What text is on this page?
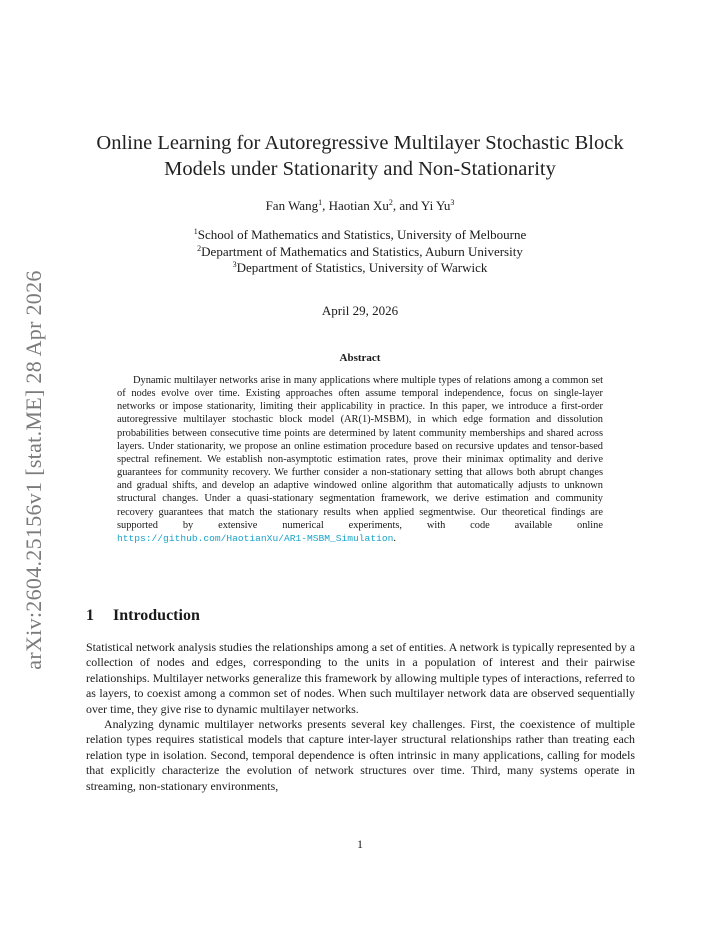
arXiv:2604.25156v1 [stat.ME] 28 Apr 2026
Online Learning for Autoregressive Multilayer Stochastic Block
Models under Stationarity and Non-Stationarity
Fan Wang$^1$, Haotian Xu$^2$, and Yi Yu$^3$
$^1$School of Mathematics and Statistics, University of Melbourne
$^2$Department of Mathematics and Statistics, Auburn University
$^3$Department of Statistics, University of Warwick
April 29, 2026
Abstract
Dynamic multilayer networks arise in many applications where multiple types of relations among a common set of nodes evolve over time. Existing approaches often assume temporal independence, focus on single-layer networks or impose stationarity, limiting their applicability in practice. In this paper, we introduce a first-order autoregressive multilayer stochastic block model (AR(1)-MSBM), in which edge formation and dissolution probabilities between consecutive time points are determined by latent community memberships and shared across layers. Under stationarity, we propose an online estimation procedure based on recursive updates and tensor-based spectral refinement. We establish non-asymptotic estimation rates, prove their minimax optimality and derive guarantees for community recovery. We further consider a non-stationary setting that allows both abrupt changes and gradual shifts, and develop an adaptive windowed online algorithm that automatically adjusts to unknown structural changes. Under a quasi-stationary segmentation framework, we derive estimation and community recovery guarantees that match the stationary results when applied segmentwise. Our theoretical findings are supported by extensive numerical experiments, with code available online https://github.com/HaotianXu/AR1-MSBM_Simulation.
1 Introduction

Statistical network analysis studies the relationships among a set of entities. A network is typically represented by a collection of nodes and edges, corresponding to the units in a population of interest and their pairwise relationships. Multilayer networks generalize this framework by allowing multiple types of interactions, referred to as layers, to coexist among a common set of nodes. When such multilayer network data are observed sequentially over time, they give rise to dynamic multilayer networks.

Analyzing dynamic multilayer networks presents several key challenges. First, the coexistence of multiple relation types requires statistical models that capture inter-layer structural relationships rather than treating each relation type in isolation. Second, temporal dependence is often intrinsic in many applications, calling for models that explicitly characterize the evolution of network structures over time. Third, many systems operate in streaming, non-stationary environments,

1
